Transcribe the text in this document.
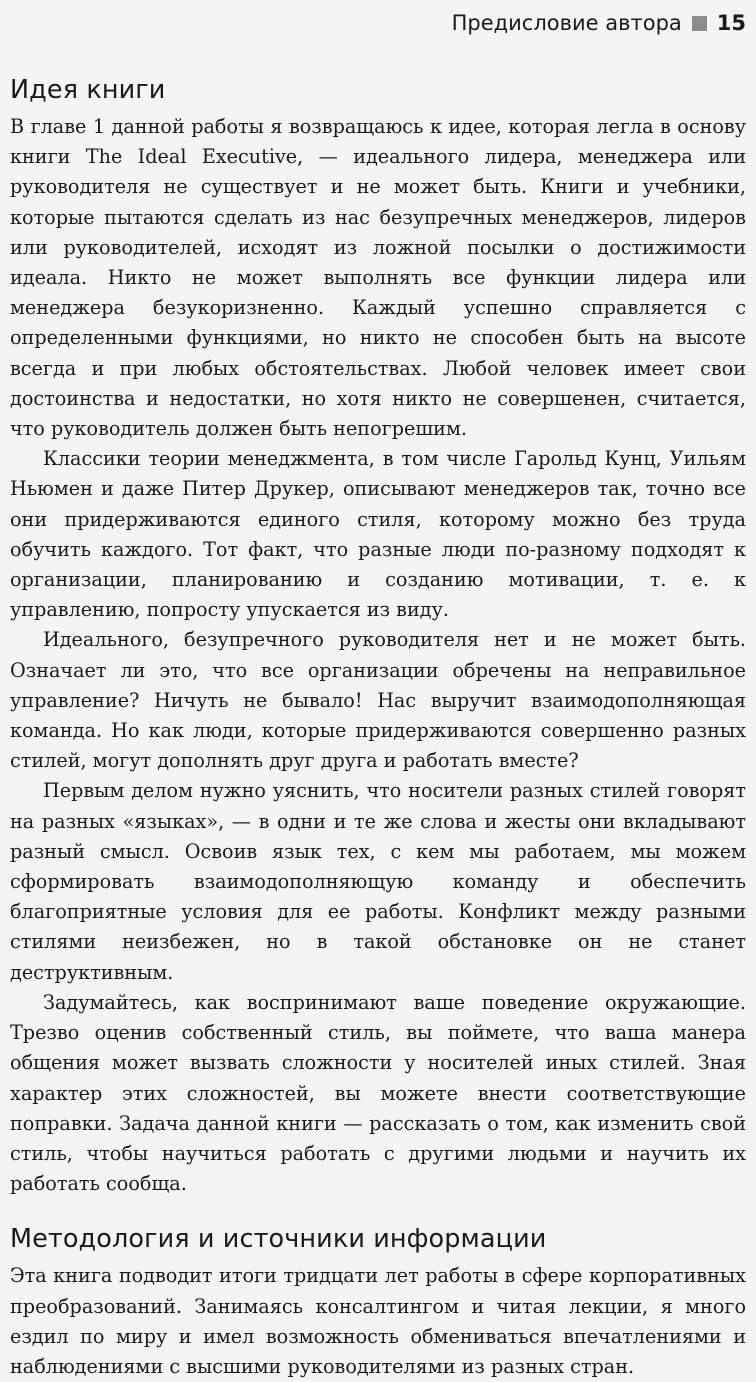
Предисловие автора 15
Идея книги

В главе 1 данной работы я возвращаюсь к идее, которая легла в основу книги The Ideal Executive, — идеального лидера, менеджера или руководителя не существует и не может быть. Книги и учебники, которые пытаются сделать из нас безупречных менеджеров, лидеров или руководителей, исходят из ложной посылки о достижимости идеала. Никто не может выполнять все функции лидера или менеджера безукоризненно. Каждый успешно справляется с определенными функциями, но никто не способен быть на высоте всегда и при любых обстоятельствах. Любой человек имеет свои достоинства и недостатки, но хотя никто не совершенен, считается, что руководитель должен быть непогрешим.

Классики теории менеджмента, в том числе Гарольд Кунц, Уильям Ньюмен и даже Питер Друкер, описывают менеджеров так, точно все они придерживаются единого стиля, которому можно без труда обучить каждого. Тот факт, что разные люди по-разному подходят к организации, планированию и созданию мотивации, т. е. к управлению, попросту упускается из виду.

Идеального, безупречного руководителя нет и не может быть. Означает ли это, что все организации обречены на неправильное управление? Ничуть не бывало! Нас выручит взаимодополняющая команда. Но как люди, которые придерживаются совершенно разных стилей, могут дополнять друг друга и работать вместе?

Первым делом нужно уяснить, что носители разных стилей говорят на разных «языках», — в одни и те же слова и жесты они вкладывают разный смысл. Освоив язык тех, с кем мы работаем, мы можем сформировать взаимодополняющую команду и обеспечить благоприятные условия для ее работы. Конфликт между разными стилями неизбежен, но в такой обстановке он не станет деструктивным.

Задумайтесь, как воспринимают ваше поведение окружающие. Трезво оценив собственный стиль, вы поймете, что ваша манера общения может вызвать сложности у носителей иных стилей. Зная характер этих сложностей, вы можете внести соответствующие поправки. Задача данной книги — рассказать о том, как изменить свой стиль, чтобы научиться работать с другими людьми и научить их работать сообща.

Методология и источники информации

Эта книга подводит итоги тридцати лет работы в сфере корпоративных преобразований. Занимаясь консалтингом и читая лекции, я много ездил по миру и имел возможность обмениваться впечатлениями и наблюдениями с высшими руководителями из разных стран.
